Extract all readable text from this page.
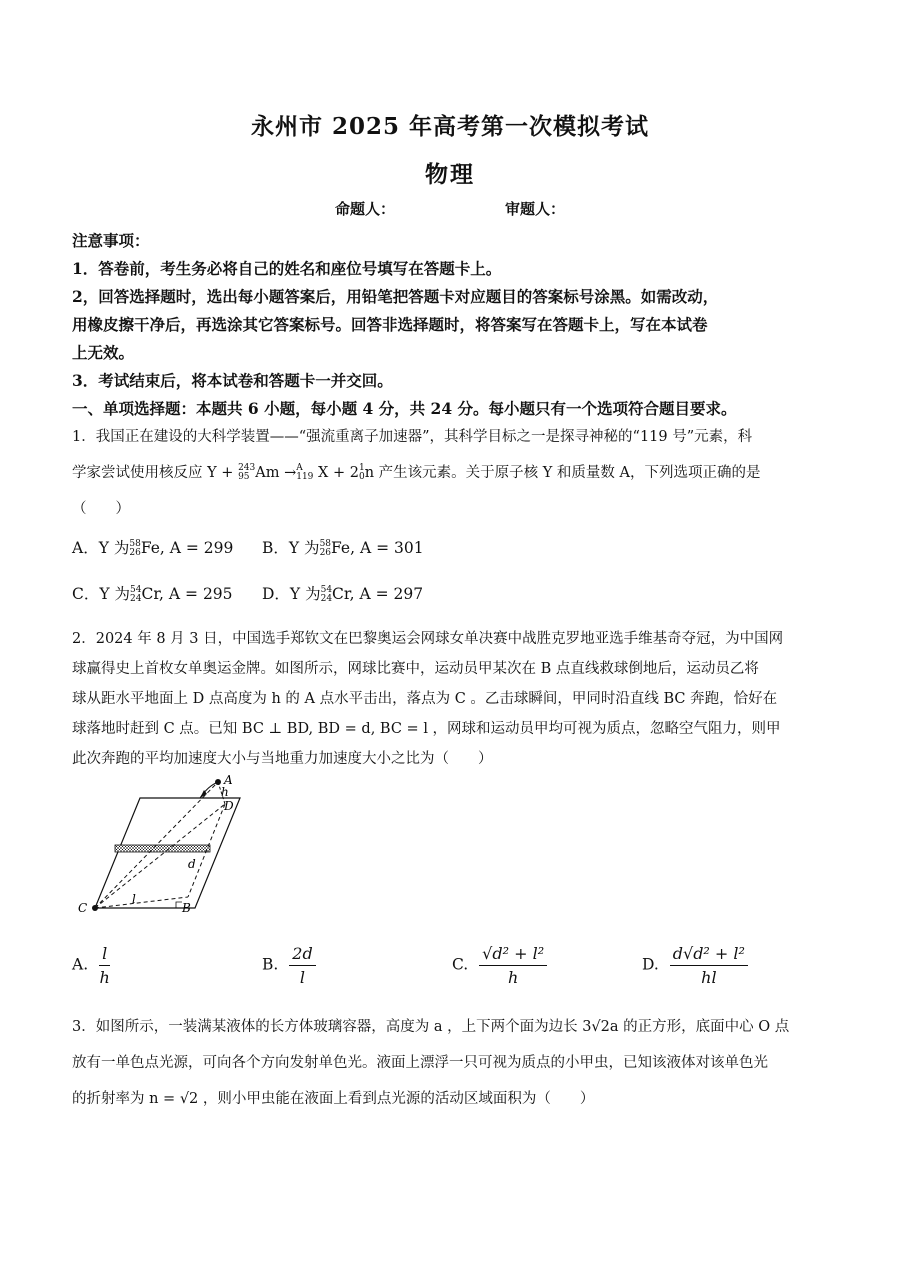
永州市 2025 年高考第一次模拟考试
物理
命题人：	审题人：
注意事项：
1．答卷前，考生务必将自己的姓名和座位号填写在答题卡上。
2，回答选择题时，选出每小题答案后，用铅笔把答题卡对应题目的答案标号涂黑。如需改动，
用橡皮擦干净后，再选涂其它答案标号。回答非选择题时，将答案写在答题卡上，写在本试卷
上无效。
3．考试结束后，将本试卷和答题卡一并交回。
一、单项选择题：本题共 6 小题，每小题 4 分，共 24 分。每小题只有一个选项符合题目要求。
1．我国正在建设的大科学装置——“强流重离子加速器”，其科学目标之一是探寻神秘的“119 号”元素，科
学家尝试使用核反应 Y + 243
95 Am → A
119 X + 2 1
0 n 产生该元素。关于原子核 Y 和质量数 A，下列选项正确的是
（　　）
A．Y 为 58
26 Fe, A = 299 B．Y 为 58
26 Fe, A = 301
C．Y 为 54
24 Cr, A = 295 D．Y 为 54
24 Cr, A = 297
2．2024 年 8 月 3 日，中国选手郑钦文在巴黎奥运会网球女单决赛中战胜克罗地亚选手维基奇夺冠，为中国网
球赢得史上首枚女单奥运金牌。如图所示，网球比赛中，运动员甲某次在 B 点直线救球倒地后，运动员乙将
球从距水平地面上 D 点高度为 h 的 A 点水平击出，落点为 C 。乙击球瞬间，甲同时沿直线 BC 奔跑，恰好在
球落地时赶到 C 点。已知 BC ⊥ BD, BD = d, BC = l ，网球和运动员甲均可视为质点，忽略空气阻力，则甲
此次奔跑的平均加速度大小与当地重力加速度大小之比为（　　）
A
h
D
d
C
l
B
A. $\frac{l}{h}$	B. $\frac{2d}{l}$	C. $\frac{\text{√d² + l²}}{h}$	D. $\frac{\text{d√d² + l²}}{hl}$
3．如图所示，一装满某液体的长方体玻璃容器，高度为 a ，上下两个面为边长 3√2a 的正方形，底面中心 O 点
放有一单色点光源，可向各个方向发射单色光。液面上漂浮一只可视为质点的小甲虫，已知该液体对该单色光
的折射率为 n = √2 ，则小甲虫能在液面上看到点光源的活动区域面积为（　　）
